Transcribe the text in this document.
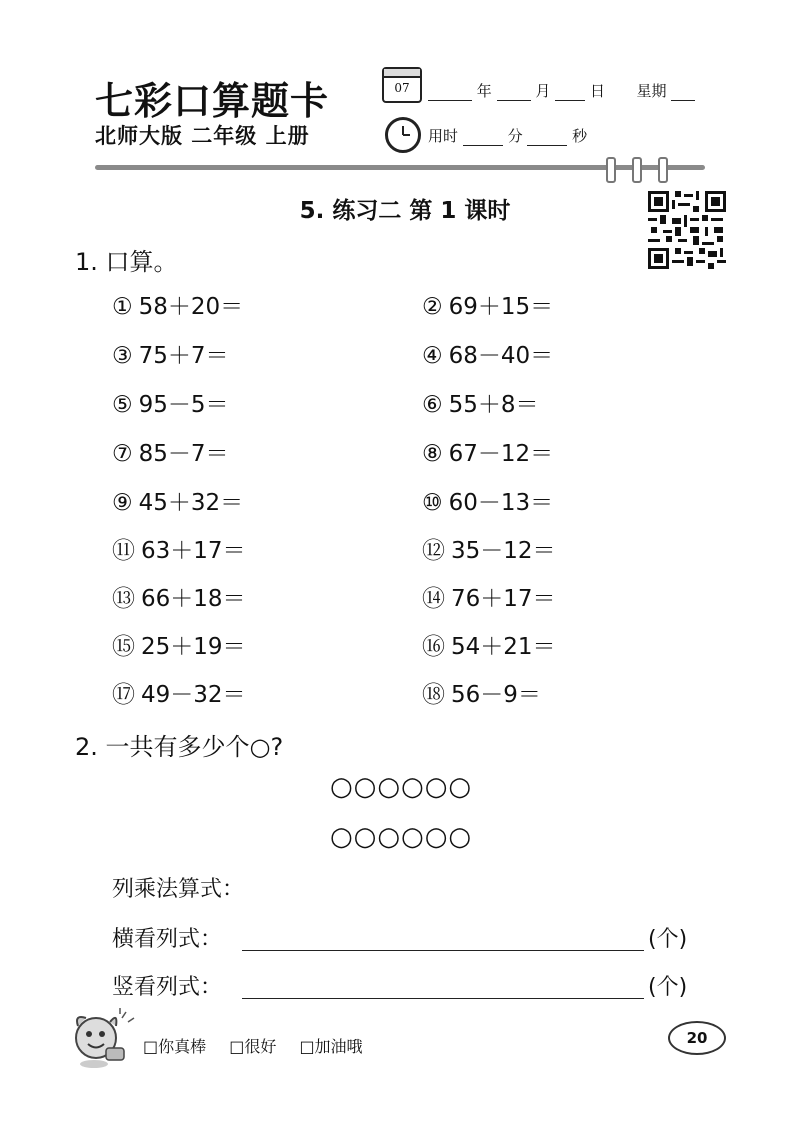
七彩口算题卡
北师大版 二年级 上册
07	年	月	日 星期
用时	分	秒
5. 练习二 第 1 课时
1. 口算。
① 58＋20＝	② 69＋15＝
③ 75＋7＝	④ 68－40＝
⑤ 95－5＝	⑥ 55＋8＝
⑦ 85－7＝	⑧ 67－12＝
⑨ 45＋32＝	⑩ 60－13＝
⑪ 63＋17＝	⑫ 35－12＝
⑬ 66＋18＝	⑭ 76＋17＝
⑮ 25＋19＝	⑯ 54＋21＝
⑰ 49－32＝	⑱ 56－9＝
2. 一共有多少个○?
○○○○○○
○○○○○○
列乘法算式：
横看列式：	(个)
竖看列式：	(个)
□你真棒 □很好 □加油哦	20
